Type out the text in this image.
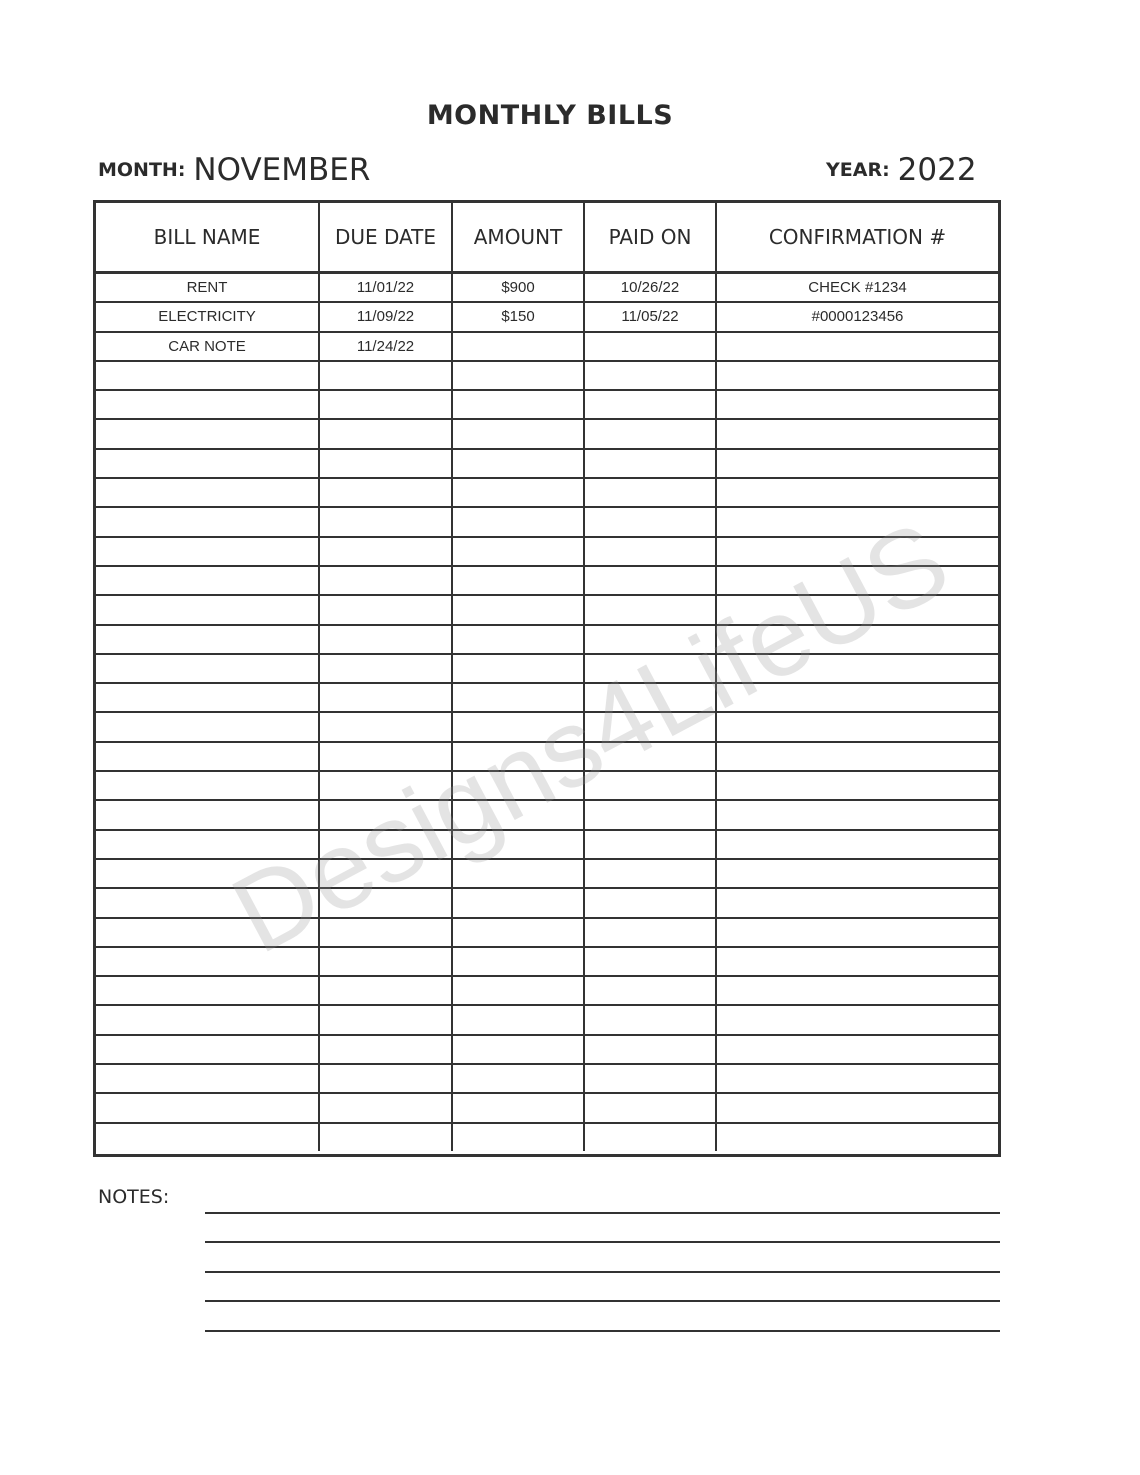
MONTHLY BILLS
MONTH: NOVEMBER	YEAR: 2022
BILL NAME	DUE DATE	AMOUNT	PAID ON	CONFIRMATION #
RENT	11/01/22	$900	10/26/22	CHECK #1234
ELECTRICITY	11/09/22	$150	11/05/22	#0000123456
CAR NOTE	11/24/22			

NOTES:
Designs4LifeUS
